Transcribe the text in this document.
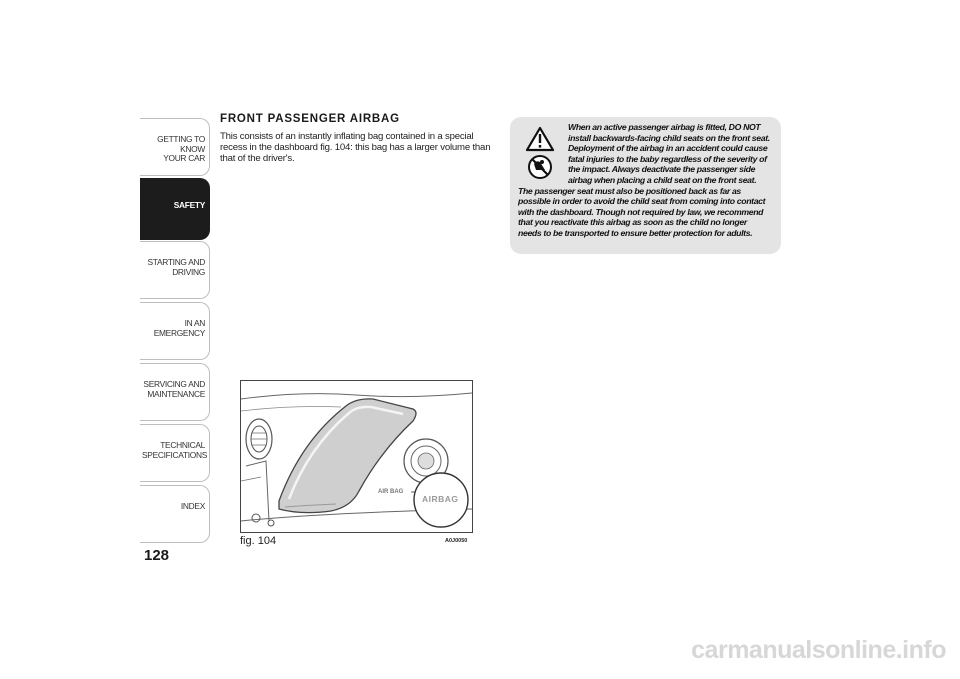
GETTING TO KNOW
YOUR CAR
SAFETY
STARTING AND
DRIVING
IN AN EMERGENCY
SERVICING AND
MAINTENANCE
TECHNICAL
SPECIFICATIONS
INDEX
128
FRONT PASSENGER AIRBAG

This consists of an instantly inflating bag contained in a special recess in the dashboard fig. 104: this bag has a larger volume than that of the driver's.

When an active passenger airbag is fitted, DO NOT install backwards-facing child seats on the front seat. Deployment of the airbag in an accident could cause fatal injuries to the baby regardless of the severity of the impact. Always deactivate the passenger side airbag when placing a child seat on the front seat. The passenger seat must also be positioned back as far as possible in order to avoid the child seat from coming into contact with the dashboard. Though not required by law, we recommend that you reactivate this airbag as soon as the child no longer needs to be transported to ensure better protection for adults.

AIR BAG
AIRBAG
fig. 104	A0J0050
carmanualsonline.info
